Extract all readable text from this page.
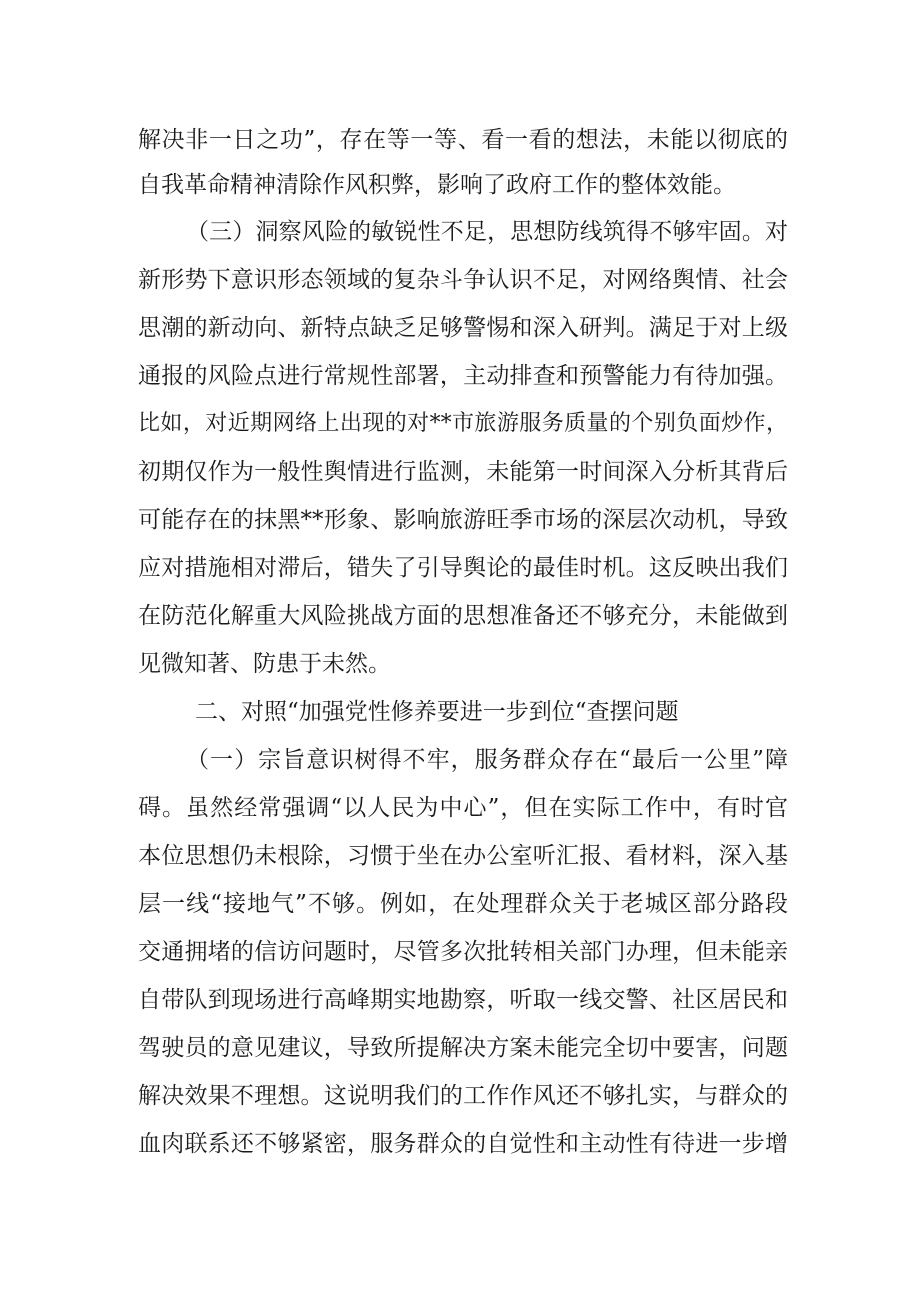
解决非一日之功”，存在等一等、看一看的想法，未能以彻底的
自我革命精神清除作风积弊，影响了政府工作的整体效能。
（三）洞察风险的敏锐性不足，思想防线筑得不够牢固。对
新形势下意识形态领域的复杂斗争认识不足，对网络舆情、社会
思潮的新动向、新特点缺乏足够警惕和深入研判。满足于对上级
通报的风险点进行常规性部署，主动排查和预警能力有待加强。
比如，对近期网络上出现的对**市旅游服务质量的个别负面炒作，
初期仅作为一般性舆情进行监测，未能第一时间深入分析其背后
可能存在的抹黑**形象、影响旅游旺季市场的深层次动机，导致
应对措施相对滞后，错失了引导舆论的最佳时机。这反映出我们
在防范化解重大风险挑战方面的思想准备还不够充分，未能做到
见微知著、防患于未然。
二、对照“加强党性修养要进一步到位“查摆问题
（一）宗旨意识树得不牢，服务群众存在“最后一公里”障
碍。虽然经常强调“以人民为中心”，但在实际工作中，有时官
本位思想仍未根除，习惯于坐在办公室听汇报、看材料，深入基
层一线“接地气”不够。例如，在处理群众关于老城区部分路段
交通拥堵的信访问题时，尽管多次批转相关部门办理，但未能亲
自带队到现场进行高峰期实地勘察，听取一线交警、社区居民和
驾驶员的意见建议，导致所提解决方案未能完全切中要害，问题
解决效果不理想。这说明我们的工作作风还不够扎实，与群众的
血肉联系还不够紧密，服务群众的自觉性和主动性有待进一步增
